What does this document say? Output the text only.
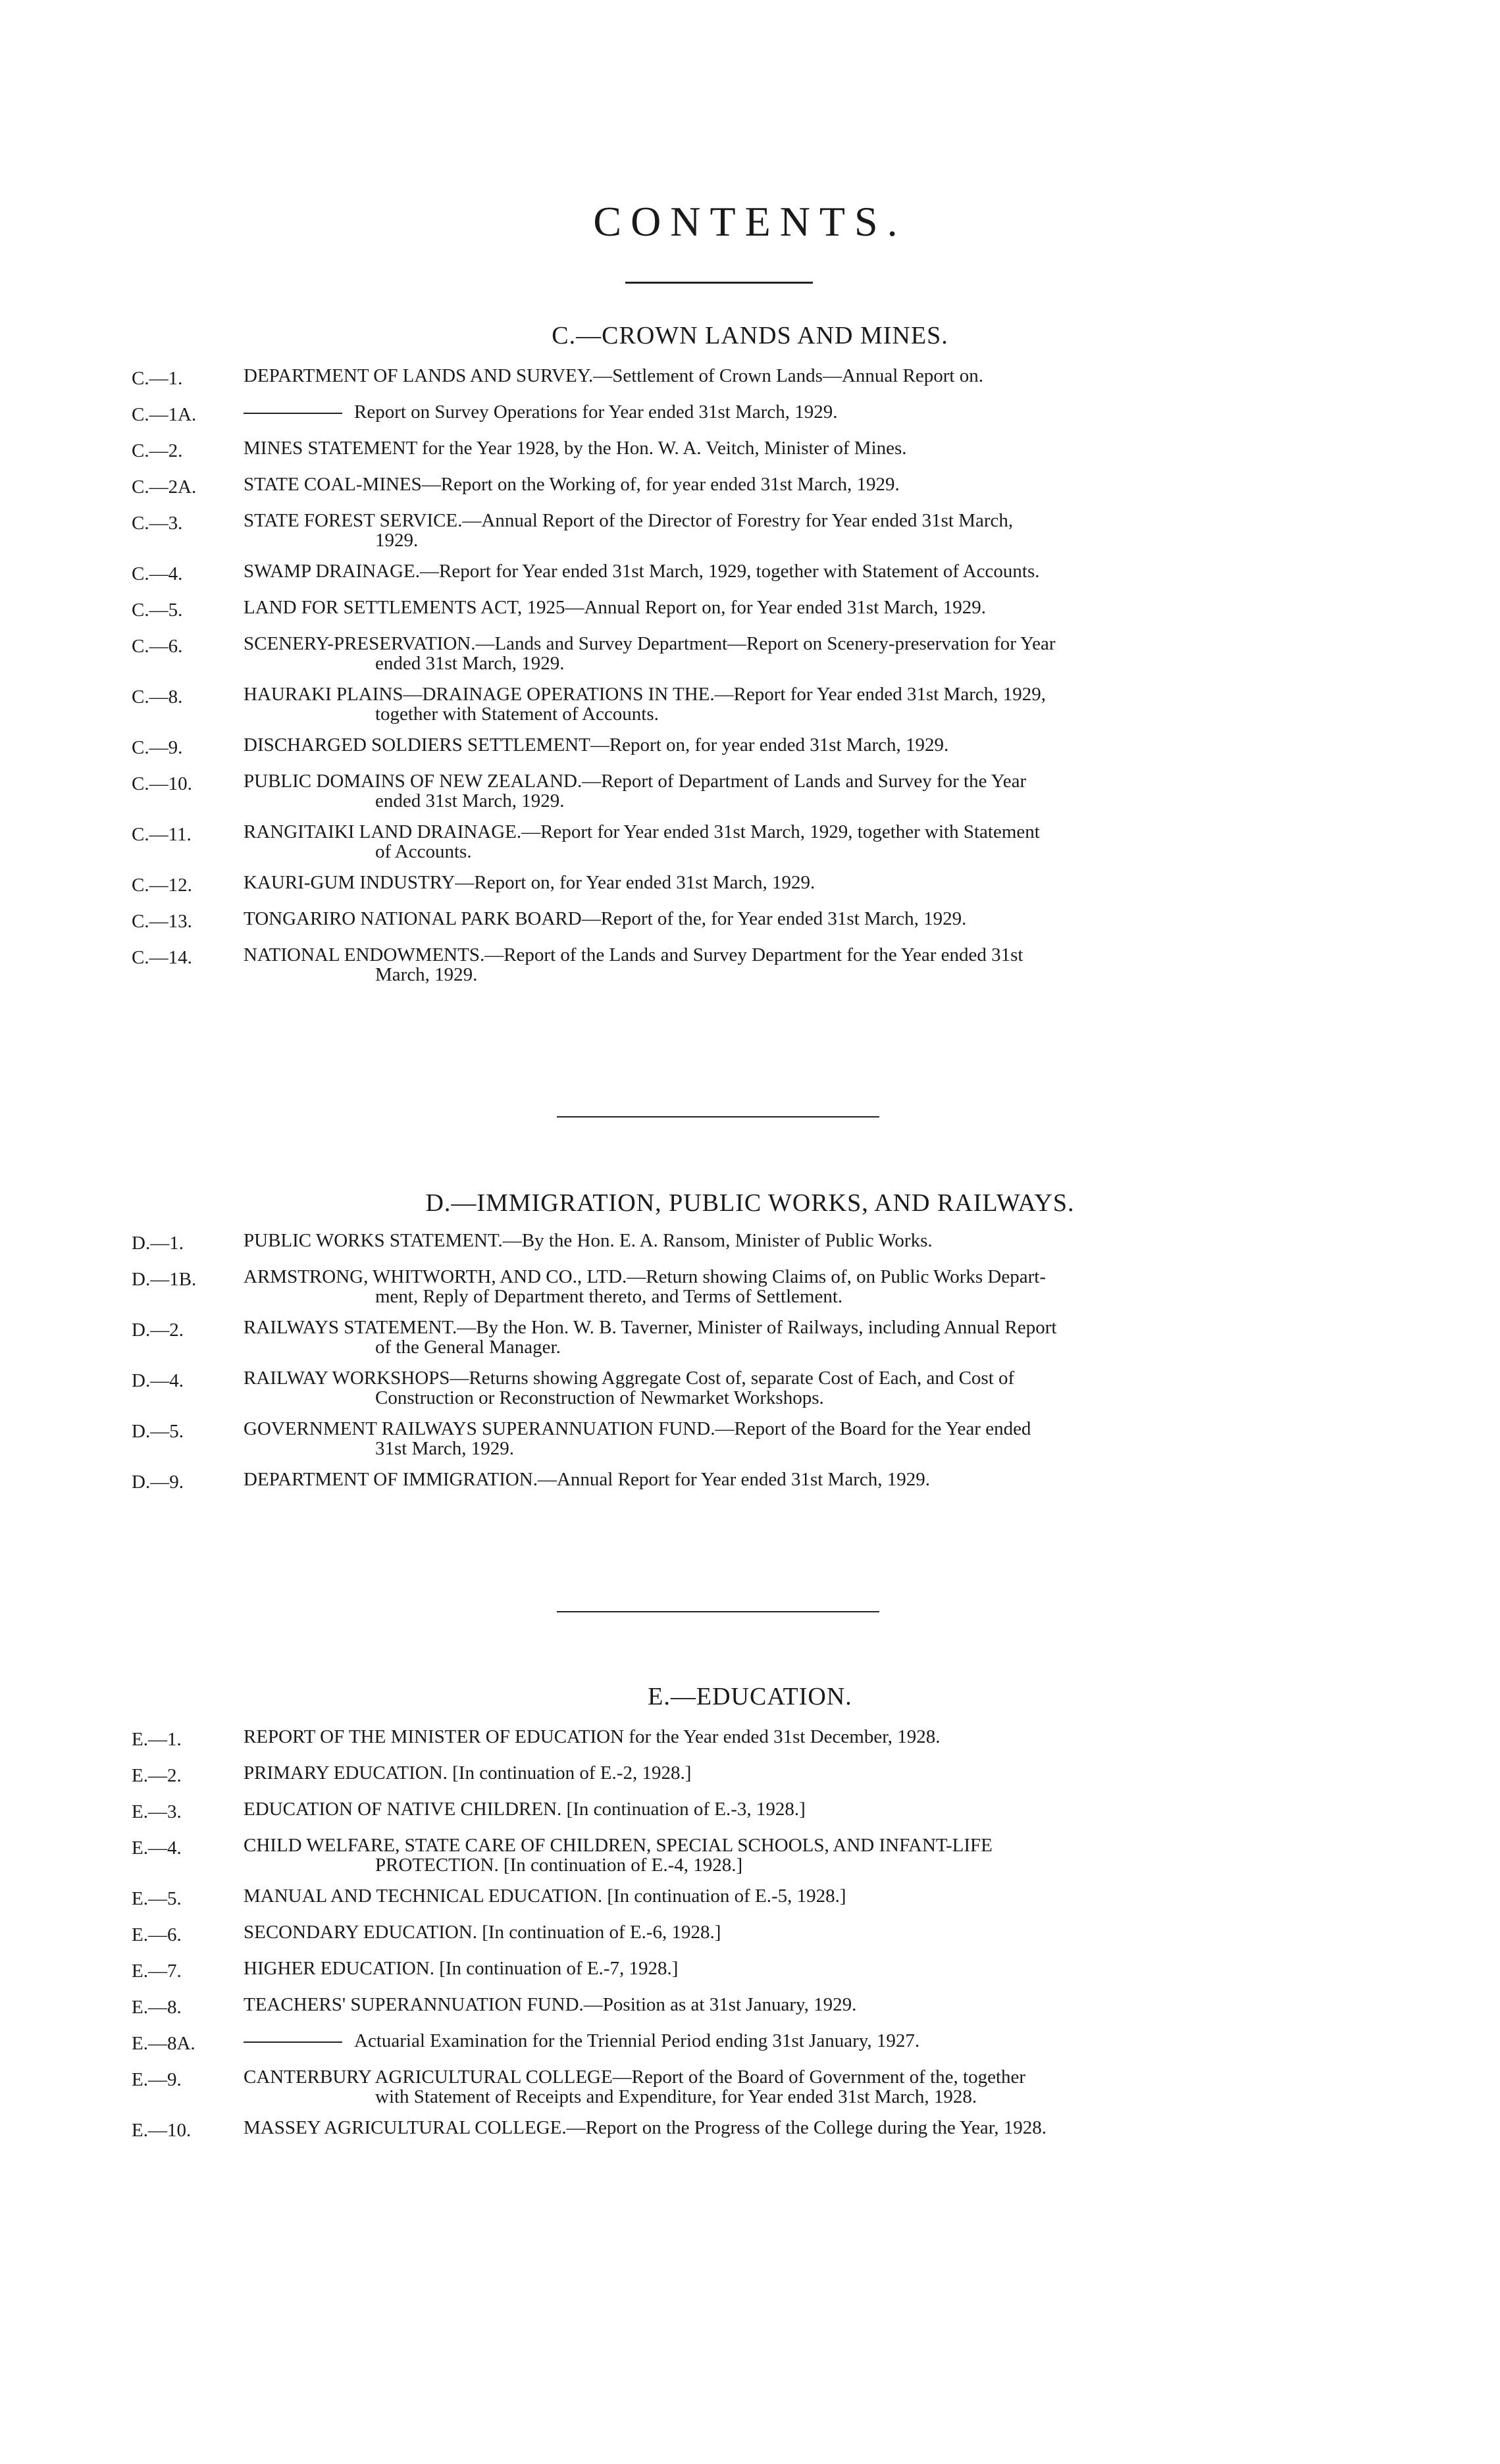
CONTENTS.
C.—CROWN LANDS AND MINES.
C.—1.	DEPARTMENT OF LANDS AND SURVEY.—Settlement of Crown Lands—Annual Report on.
C.—1A.	Report on Survey Operations for Year ended 31st March, 1929.
C.—2.	MINES STATEMENT for the Year 1928, by the Hon. W. A. Veitch, Minister of Mines.
C.—2A.	STATE COAL-MINES—Report on the Working of, for year ended 31st March, 1929.
C.—3.	STATE FOREST SERVICE.—Annual Report of the Director of Forestry for Year ended 31st March,
1929.
C.—4.	SWAMP DRAINAGE.—Report for Year ended 31st March, 1929, together with Statement of Accounts.
C.—5.	LAND FOR SETTLEMENTS ACT, 1925—Annual Report on, for Year ended 31st March, 1929.
C.—6.	SCENERY-PRESERVATION.—Lands and Survey Department—Report on Scenery-preservation for Year
ended 31st March, 1929.
C.—8.	HAURAKI PLAINS—DRAINAGE OPERATIONS IN THE.—Report for Year ended 31st March, 1929,
together with Statement of Accounts.
C.—9.	DISCHARGED SOLDIERS SETTLEMENT—Report on, for year ended 31st March, 1929.
C.—10.	PUBLIC DOMAINS OF NEW ZEALAND.—Report of Department of Lands and Survey for the Year
ended 31st March, 1929.
C.—11.	RANGITAIKI LAND DRAINAGE.—Report for Year ended 31st March, 1929, together with Statement
of Accounts.
C.—12.	KAURI-GUM INDUSTRY—Report on, for Year ended 31st March, 1929.
C.—13.	TONGARIRO NATIONAL PARK BOARD—Report of the, for Year ended 31st March, 1929.
C.—14.	NATIONAL ENDOWMENTS.—Report of the Lands and Survey Department for the Year ended 31st
March, 1929.
D.—IMMIGRATION, PUBLIC WORKS, AND RAILWAYS.
D.—1.	PUBLIC WORKS STATEMENT.—By the Hon. E. A. Ransom, Minister of Public Works.
D.—1B.	ARMSTRONG, WHITWORTH, AND CO., LTD.—Return showing Claims of, on Public Works Depart-
ment, Reply of Department thereto, and Terms of Settlement.
D.—2.	RAILWAYS STATEMENT.—By the Hon. W. B. Taverner, Minister of Railways, including Annual Report
of the General Manager.
D.—4.	RAILWAY WORKSHOPS—Returns showing Aggregate Cost of, separate Cost of Each, and Cost of
Construction or Reconstruction of Newmarket Workshops.
D.—5.	GOVERNMENT RAILWAYS SUPERANNUATION FUND.—Report of the Board for the Year ended
31st March, 1929.
D.—9.	DEPARTMENT OF IMMIGRATION.—Annual Report for Year ended 31st March, 1929.
E.—EDUCATION.
E.—1.	REPORT OF THE MINISTER OF EDUCATION for the Year ended 31st December, 1928.
E.—2.	PRIMARY EDUCATION. [In continuation of E.-2, 1928.]
E.—3.	EDUCATION OF NATIVE CHILDREN. [In continuation of E.-3, 1928.]
E.—4.	CHILD WELFARE, STATE CARE OF CHILDREN, SPECIAL SCHOOLS, AND INFANT-LIFE
PROTECTION. [In continuation of E.-4, 1928.]
E.—5.	MANUAL AND TECHNICAL EDUCATION. [In continuation of E.-5, 1928.]
E.—6.	SECONDARY EDUCATION. [In continuation of E.-6, 1928.]
E.—7.	HIGHER EDUCATION. [In continuation of E.-7, 1928.]
E.—8.	TEACHERS' SUPERANNUATION FUND.—Position as at 31st January, 1929.
E.—8A.	Actuarial Examination for the Triennial Period ending 31st January, 1927.
E.—9.	CANTERBURY AGRICULTURAL COLLEGE—Report of the Board of Government of the, together
with Statement of Receipts and Expenditure, for Year ended 31st March, 1928.
E.—10.	MASSEY AGRICULTURAL COLLEGE.—Report on the Progress of the College during the Year, 1928.
